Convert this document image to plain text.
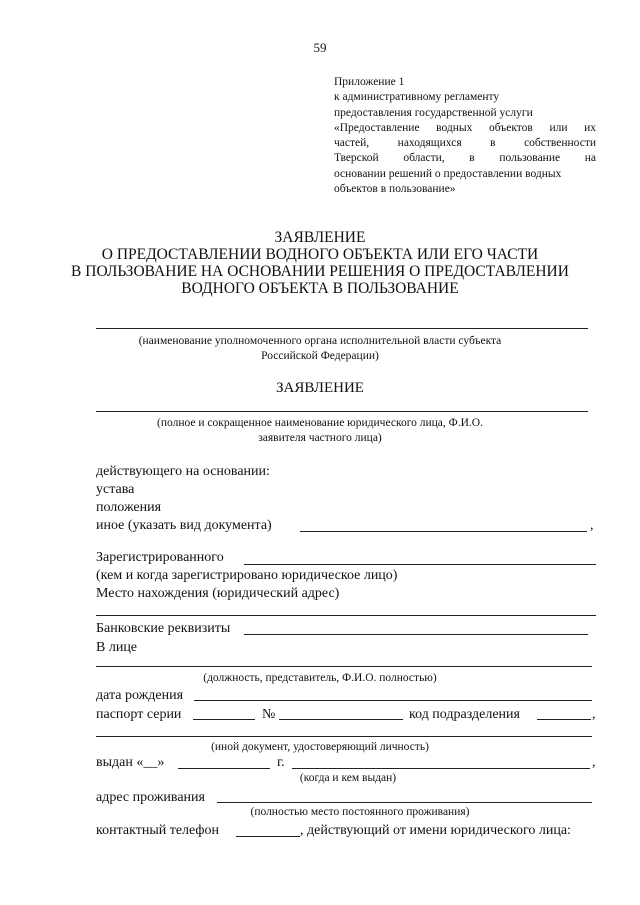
59
Приложение 1
к административному регламенту
предоставления государственной услуги
«Предоставление водных объектов или их
частей, находящихся в собственности
Тверской области, в пользование на
основании решений о предоставлении водных
объектов в пользование»
ЗАЯВЛЕНИЕ
О ПРЕДОСТАВЛЕНИИ ВОДНОГО ОБЪЕКТА ИЛИ ЕГО ЧАСТИ
В ПОЛЬЗОВАНИЕ НА ОСНОВАНИИ РЕШЕНИЯ О ПРЕДОСТАВЛЕНИИ
ВОДНОГО ОБЪЕКТА В ПОЛЬЗОВАНИЕ
(наименование уполномоченного органа исполнительной власти субъекта
Российской Федерации)
ЗАЯВЛЕНИЕ
(полное и сокращенное наименование юридического лица, Ф.И.О.
заявителя частного лица)
действующего на основании:
устава
положения
иное (указать вид документа)	,
Зарегистрированного
(кем и когда зарегистрировано юридическое лицо)
Место нахождения (юридический адрес)
Банковские реквизиты
В лице
(должность, представитель, Ф.И.О. полностью)
дата рождения
паспорт серии	№	код подразделения	,
(иной документ, удостоверяющий личность)
выдан «__»	г.	,
(когда и кем выдан)
адрес проживания
(полностью место постоянного проживания)
контактный телефон	, действующий от имени юридического лица:
